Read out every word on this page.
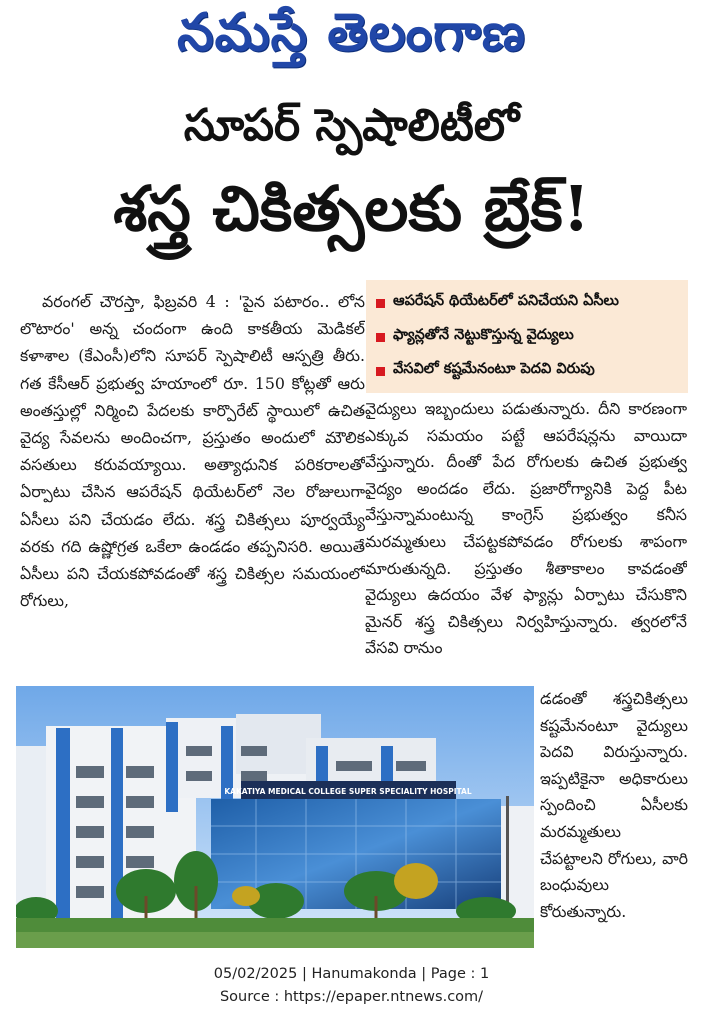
నమస్తే తెలంగాణ
సూపర్ స్పెషాలిటీలో
శస్త్ర చికిత్సలకు బ్రేక్!

వరంగల్ చౌరస్తా, ఫిబ్రవరి 4 : 'పైన పటారం.. లోన లొటారం' అన్న చందంగా ఉంది కాకతీయ మెడికల్ కళాశాల (కేఎంసీ)లోని సూపర్ స్పెషాలిటీ ఆస్పత్రి తీరు. గత కేసీఆర్ ప్రభుత్వ హయాంలో రూ. 150 కోట్లతో ఆరు అంతస్తుల్లో నిర్మించి పేదలకు కార్పొరేట్ స్థాయిలో ఉచిత వైద్య సేవలను అందించగా, ప్రస్తుతం అందులో మౌలిక వసతులు కరువయ్యాయి. అత్యాధునిక పరికరాలతో ఏర్పాటు చేసిన ఆపరేషన్ థియేటర్‌లో నెల రోజులుగా ఏసీలు పని చేయడం లేదు. శస్త్ర చికిత్సలు పూర్వయ్యే వరకు గది ఉష్ణోగ్రత ఒకేలా ఉండడం తప్పనిసరి. అయితే ఏసీలు పని చేయకపోవడంతో శస్త్ర చికిత్సల సమయంలో రోగులు,

ఆపరేషన్ థియేటర్‌లో పనిచేయని ఏసీలు
ఫ్యాన్లతోనే నెట్టుకొస్తున్న వైద్యులు
వేసవిలో కష్టమేనంటూ పెదవి విరుపు

వైద్యులు ఇబ్బందులు పడుతున్నారు. దీని కారణంగా ఎక్కువ సమయం పట్టే ఆపరేషన్లను వాయిదా వేస్తున్నారు. దీంతో పేద రోగులకు ఉచిత ప్రభుత్వ వైద్యం అందడం లేదు. ప్రజారోగ్యానికి పెద్ద పీట వేస్తున్నామంటున్న కాంగ్రెస్ ప్రభుత్వం కనీస మరమ్మతులు చేపట్టకపోవడం రోగులకు శాపంగా మారుతున్నది. ప్రస్తుతం శీతాకాలం కావడంతో వైద్యులు ఉదయం వేళ ఫ్యాన్లు ఏర్పాటు చేసుకొని మైనర్ శస్త్ర చికిత్సలు నిర్వహిస్తున్నారు. త్వరలోనే వేసవి రానుం

KAKATIYA MEDICAL COLLEGE SUPER SPECIALITY HOSPITAL

డడంతో శస్త్రచికిత్సలు కష్టమేనంటూ వైద్యులు పెదవి విరుస్తున్నారు. ఇప్పటికైనా అధికారులు స్పందించి ఏసీలకు మరమ్మతులు చేపట్టాలని రోగులు, వారి బంధువులు కోరుతున్నారు.

05/02/2025 | Hanumakonda | Page : 1
Source : https://epaper.ntnews.com/
